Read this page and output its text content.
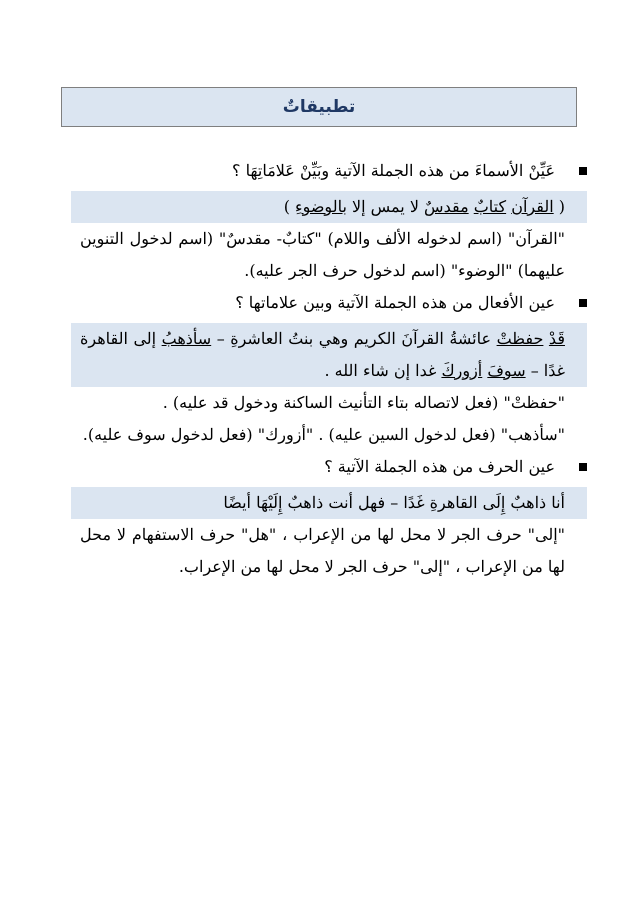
تطبيقاتٌ

عَيِّنْ الأسماءَ من هذه الجملة الآتية وبَيِّنْ عَلامَاتِهَا ؟

( القرآن كتابٌ مقدسٌ لا يمس إلا بالوضوءِ )

"القرآن" (اسم لدخوله الألف واللام) "كتابٌ- مقدسٌ" (اسم لدخول التنوين عليهما) "الوضوء" (اسم لدخول حرف الجر عليه).

عين الأفعال من هذه الجملة الآتية وبين علاماتها ؟

قَدْ حفظتْ عائشةُ القرآنَ الكريم وهي بنتُ العاشرةِ – سأذهبُ إلى القاهرة غدًا – سوفَ أزوركَ غدا إن شاء الله .

"حفظتْ" (فعل لاتصاله بتاء التأنيث الساكنة ودخول قد عليه) .

"سأذهب" (فعل لدخول السين عليه) . "أزورك" (فعل لدخول سوف عليه).

عين الحرف من هذه الجملة الآتية ؟

أنا ذاهبٌ إِلَى القاهرةِ غَدًا – فهل أنت ذاهبٌ إِلَيْهَا أيضًا

"إلى" حرف الجر لا محل لها من الإعراب ، "هل" حرف الاستفهام لا محل لها من الإعراب ، "إلى" حرف الجر لا محل لها من الإعراب.
